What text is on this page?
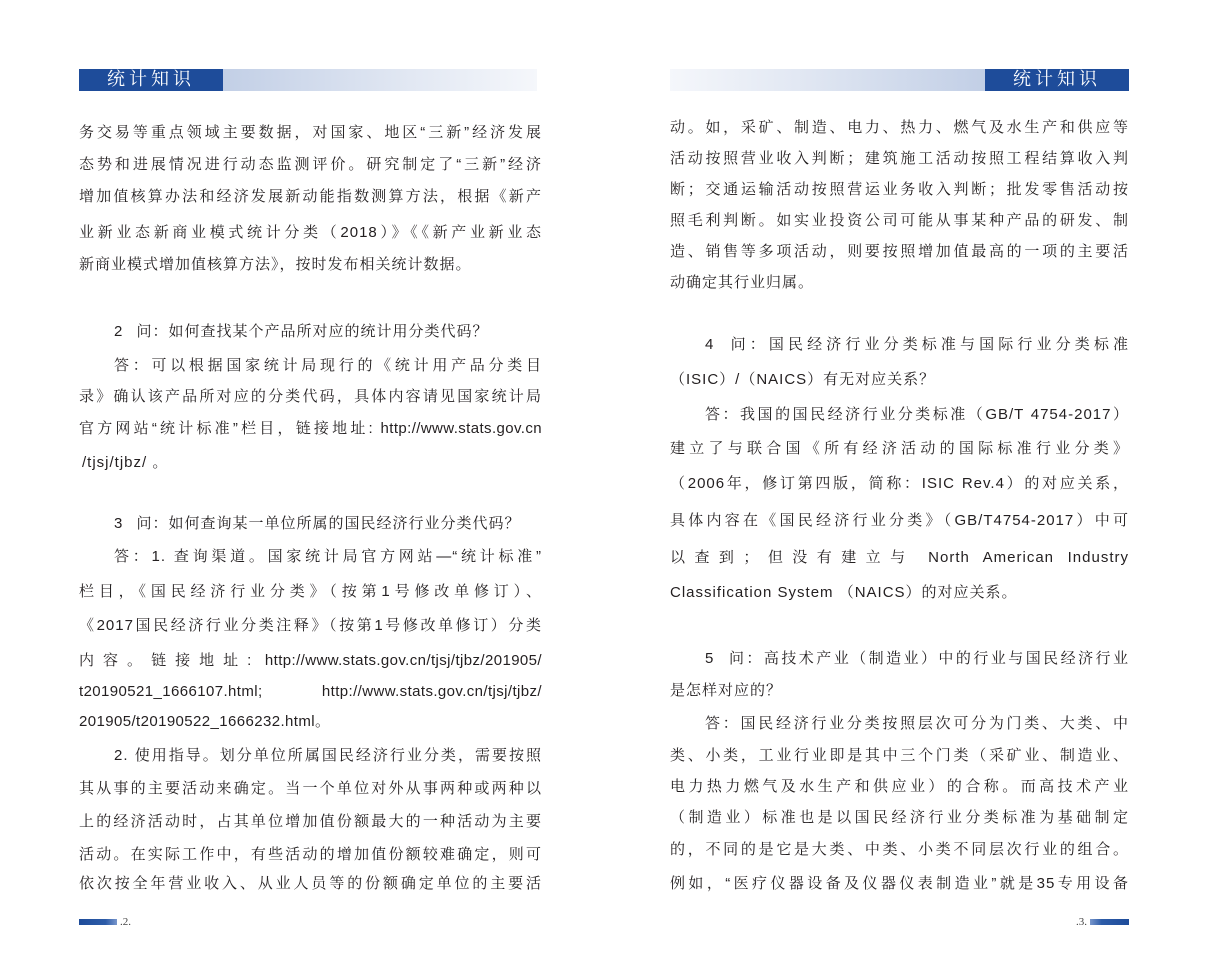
统计知识
务交易等重点领域主要数据，对国家、地区“三新”经济发展
态势和进展情况进行动态监测评价。研究制定了“三新”经济
增加值核算办法和经济发展新动能指数测算方法，根据《新产
业新业态新商业模式统计分类（2018）》《《新产业新业态
新商业模式增加值核算方法》，按时发布相关统计数据。
2 问：如何查找某个产品所对应的统计用分类代码？
答：可以根据国家统计局现行的《统计用产品分类目
录》确认该产品所对应的分类代码，具体内容请见国家统计局
官方网站“统计标准”栏目，链接地址: http://www.stats.gov.cn
/tjsj/tjbz/ 。
3 问：如何查询某一单位所属的国民经济行业分类代码？
答：1. 查询渠道。国家统计局官方网站—“统计标准”
栏目，《国民经济行业分类》（按第1号修改单修订）、
《2017国民经济行业分类注释》（按第1号修改单修订）分类
内容。链接地址: http://www.stats.gov.cn/tjsj/tjbz/201905/
t20190521_1666107.html; http://www.stats.gov.cn/tjsj/tjbz/
201905/t20190522_1666232.html。
2. 使用指导。划分单位所属国民经济行业分类，需要按照
其从事的主要活动来确定。当一个单位对外从事两种或两种以
上的经济活动时，占其单位增加值份额最大的一种活动为主要
活动。在实际工作中，有些活动的增加值份额较难确定，则可
依次按全年营业收入、从业人员等的份额确定单位的主要活
.2.
统计知识
动。如，采矿、制造、电力、热力、燃气及水生产和供应等
活动按照营业收入判断；建筑施工活动按照工程结算收入判
断；交通运输活动按照营运业务收入判断；批发零售活动按
照毛利判断。如实业投资公司可能从事某种产品的研发、制
造、销售等多项活动，则要按照增加值最高的一项的主要活
动确定其行业归属。
4 问：国民经济行业分类标准与国际行业分类标准
（ISIC）/（NAICS）有无对应关系？
答：我国的国民经济行业分类标准（GB/T 4754-2017）
建立了与联合国《所有经济活动的国际标准行业分类》
（2006年，修订第四版，简称：ISIC Rev.4）的对应关系，
具体内容在《国民经济行业分类》（GB/T4754-2017）中可
以查到；但没有建立与 North American Industry
Classification System （NAICS）的对应关系。
5 问：高技术产业（制造业）中的行业与国民经济行业
是怎样对应的？
答：国民经济行业分类按照层次可分为门类、大类、中
类、小类，工业行业即是其中三个门类（采矿业、制造业、
电力热力燃气及水生产和供应业）的合称。而高技术产业
（制造业）标准也是以国民经济行业分类标准为基础制定
的，不同的是它是大类、中类、小类不同层次行业的组合。
例如，“医疗仪器设备及仪器仪表制造业”就是35专用设备
.3.
